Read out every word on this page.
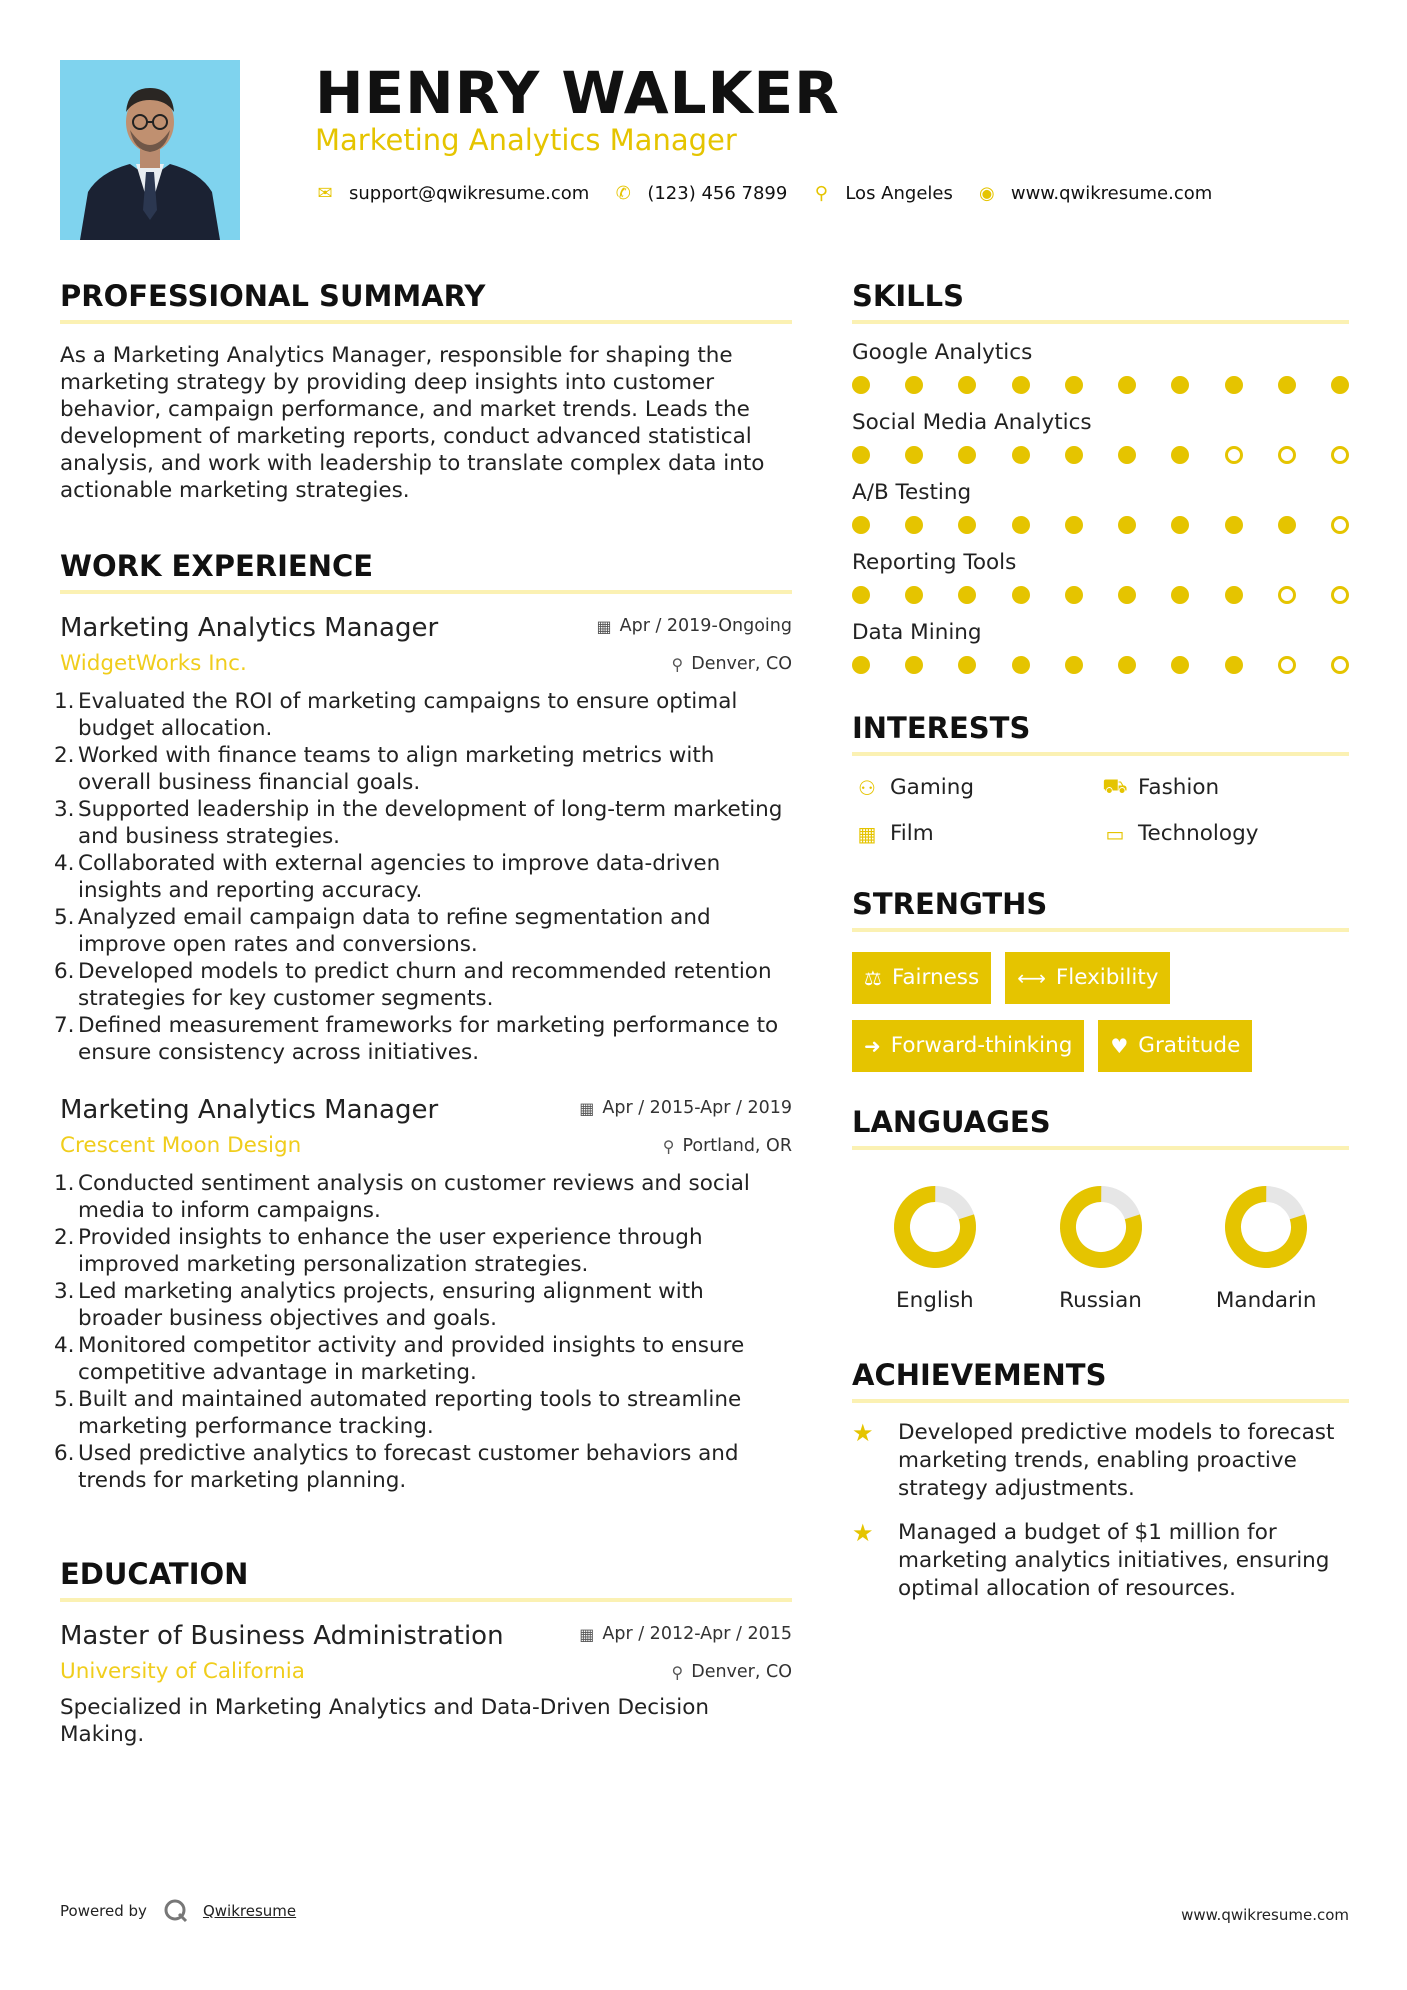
HENRY WALKER
Marketing Analytics Manager
✉ support@qwikresume.com ✆ (123) 456 7899 ⚲ Los Angeles ◉ www.qwikresume.com
PROFESSIONAL SUMMARY
As a Marketing Analytics Manager, responsible for shaping the marketing strategy by providing deep insights into customer behavior, campaign performance, and market trends. Leads the development of marketing reports, conduct advanced statistical analysis, and work with leadership to translate complex data into actionable marketing strategies.
WORK EXPERIENCE
Marketing Analytics Manager	▦ Apr / 2019-Ongoing
WidgetWorks Inc.	⚲ Denver, CO
1. Evaluated the ROI of marketing campaigns to ensure optimal budget allocation.
2. Worked with finance teams to align marketing metrics with overall business financial goals.
3. Supported leadership in the development of long-term marketing and business strategies.
4. Collaborated with external agencies to improve data-driven insights and reporting accuracy.
5. Analyzed email campaign data to refine segmentation and improve open rates and conversions.
6. Developed models to predict churn and recommended retention strategies for key customer segments.
7. Defined measurement frameworks for marketing performance to ensure consistency across initiatives.
Marketing Analytics Manager	▦ Apr / 2015-Apr / 2019
Crescent Moon Design	⚲ Portland, OR
1. Conducted sentiment analysis on customer reviews and social media to inform campaigns.
2. Provided insights to enhance the user experience through improved marketing personalization strategies.
3. Led marketing analytics projects, ensuring alignment with broader business objectives and goals.
4. Monitored competitor activity and provided insights to ensure competitive advantage in marketing.
5. Built and maintained automated reporting tools to streamline marketing performance tracking.
6. Used predictive analytics to forecast customer behaviors and trends for marketing planning.
EDUCATION
Master of Business Administration	▦ Apr / 2012-Apr / 2015
University of California	⚲ Denver, CO
Specialized in Marketing Analytics and Data-Driven Decision Making.
SKILLS
Google Analytics
Social Media Analytics
A/B Testing
Reporting Tools
Data Mining
INTERESTS
⚇ Gaming	⛟ Fashion
▦ Film	▭ Technology
STRENGTHS
⚖ Fairness ⟷ Flexibility
➜ Forward-thinking ♥ Gratitude
LANGUAGES
English	Russian	Mandarin
ACHIEVEMENTS
★ Developed predictive models to forecast marketing trends, enabling proactive strategy adjustments.
★ Managed a budget of $1 million for marketing analytics initiatives, ensuring optimal allocation of resources.
Powered by	Qwikresume	www.qwikresume.com
